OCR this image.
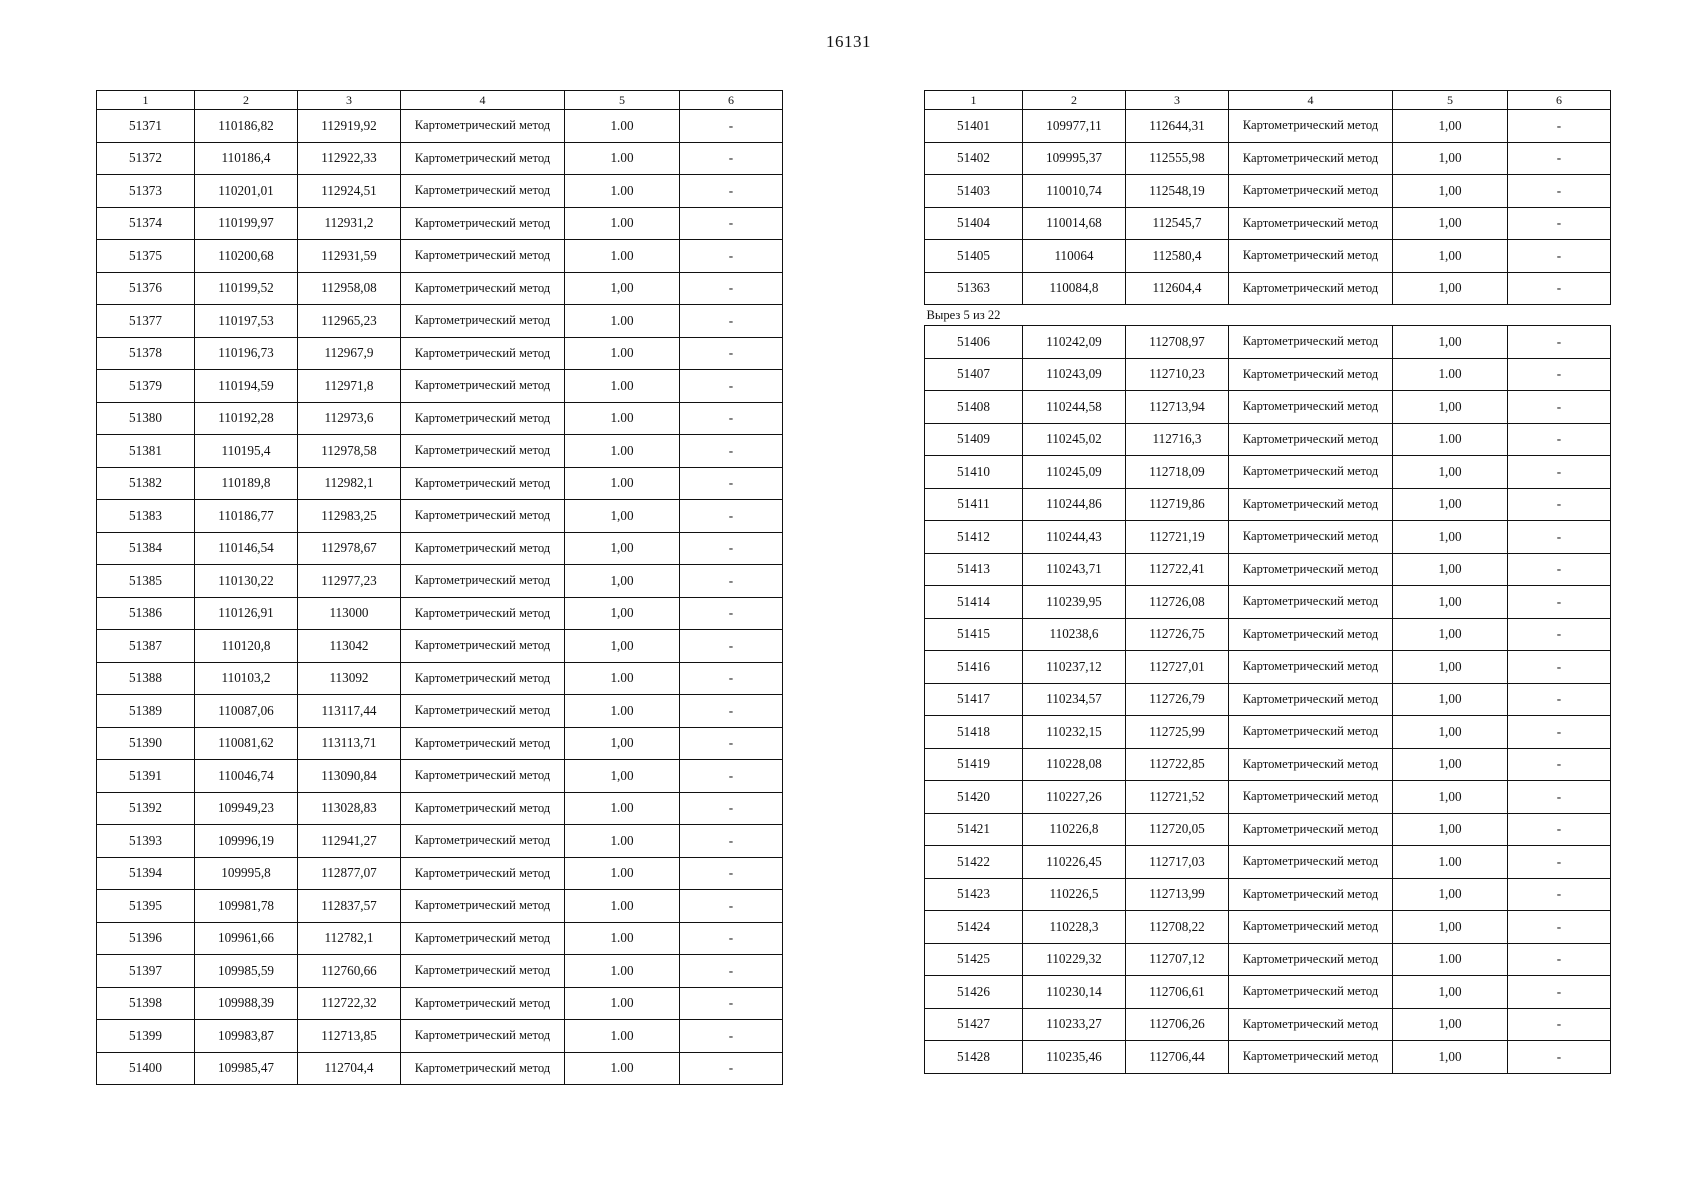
16131
1	2	3	4	5	6
51371	110186,82	112919,92	Картометрический метод	1.00	-
51372	110186,4	112922,33	Картометрический метод	1.00	-
51373	110201,01	112924,51	Картометрический метод	1.00	-
51374	110199,97	112931,2	Картометрический метод	1.00	-
51375	110200,68	112931,59	Картометрический метод	1.00	-
51376	110199,52	112958,08	Картометрический метод	1,00	-
51377	110197,53	112965,23	Картометрический метод	1.00	-
51378	110196,73	112967,9	Картометрический метод	1.00	-
51379	110194,59	112971,8	Картометрический метод	1.00	-
51380	110192,28	112973,6	Картометрический метод	1.00	-
51381	110195,4	112978,58	Картометрический метод	1.00	-
51382	110189,8	112982,1	Картометрический метод	1.00	-
51383	110186,77	112983,25	Картометрический метод	1,00	-
51384	110146,54	112978,67	Картометрический метод	1,00	-
51385	110130,22	112977,23	Картометрический метод	1,00	-
51386	110126,91	113000	Картометрический метод	1,00	-
51387	110120,8	113042	Картометрический метод	1,00	-
51388	110103,2	113092	Картометрический метод	1.00	-
51389	110087,06	113117,44	Картометрический метод	1.00	-
51390	110081,62	113113,71	Картометрический метод	1,00	-
51391	110046,74	113090,84	Картометрический метод	1,00	-
51392	109949,23	113028,83	Картометрический метод	1.00	-
51393	109996,19	112941,27	Картометрический метод	1.00	-
51394	109995,8	112877,07	Картометрический метод	1.00	-
51395	109981,78	112837,57	Картометрический метод	1.00	-
51396	109961,66	112782,1	Картометрический метод	1.00	-
51397	109985,59	112760,66	Картометрический метод	1.00	-
51398	109988,39	112722,32	Картометрический метод	1.00	-
51399	109983,87	112713,85	Картометрический метод	1.00	-
51400	109985,47	112704,4	Картометрический метод	1.00	-
1	2	3	4	5	6
51401	109977,11	112644,31	Картометрический метод	1,00	-
51402	109995,37	112555,98	Картометрический метод	1,00	-
51403	110010,74	112548,19	Картометрический метод	1,00	-
51404	110014,68	112545,7	Картометрический метод	1,00	-
51405	110064	112580,4	Картометрический метод	1,00	-
51363	110084,8	112604,4	Картометрический метод	1,00	-
Вырез 5 из 22					
51406	110242,09	112708,97	Картометрический метод	1,00	-
51407	110243,09	112710,23	Картометрический метод	1.00	-
51408	110244,58	112713,94	Картометрический метод	1,00	-
51409	110245,02	112716,3	Картометрический метод	1.00	-
51410	110245,09	112718,09	Картометрический метод	1,00	-
51411	110244,86	112719,86	Картометрический метод	1,00	-
51412	110244,43	112721,19	Картометрический метод	1,00	-
51413	110243,71	112722,41	Картометрический метод	1,00	-
51414	110239,95	112726,08	Картометрический метод	1,00	-
51415	110238,6	112726,75	Картометрический метод	1,00	-
51416	110237,12	112727,01	Картометрический метод	1,00	-
51417	110234,57	112726,79	Картометрический метод	1,00	-
51418	110232,15	112725,99	Картометрический метод	1,00	-
51419	110228,08	112722,85	Картометрический метод	1,00	-
51420	110227,26	112721,52	Картометрический метод	1,00	-
51421	110226,8	112720,05	Картометрический метод	1,00	-
51422	110226,45	112717,03	Картометрический метод	1.00	-
51423	110226,5	112713,99	Картометрический метод	1,00	-
51424	110228,3	112708,22	Картометрический метод	1,00	-
51425	110229,32	112707,12	Картометрический метод	1.00	-
51426	110230,14	112706,61	Картометрический метод	1,00	-
51427	110233,27	112706,26	Картометрический метод	1,00	-
51428	110235,46	112706,44	Картометрический метод	1,00	-
